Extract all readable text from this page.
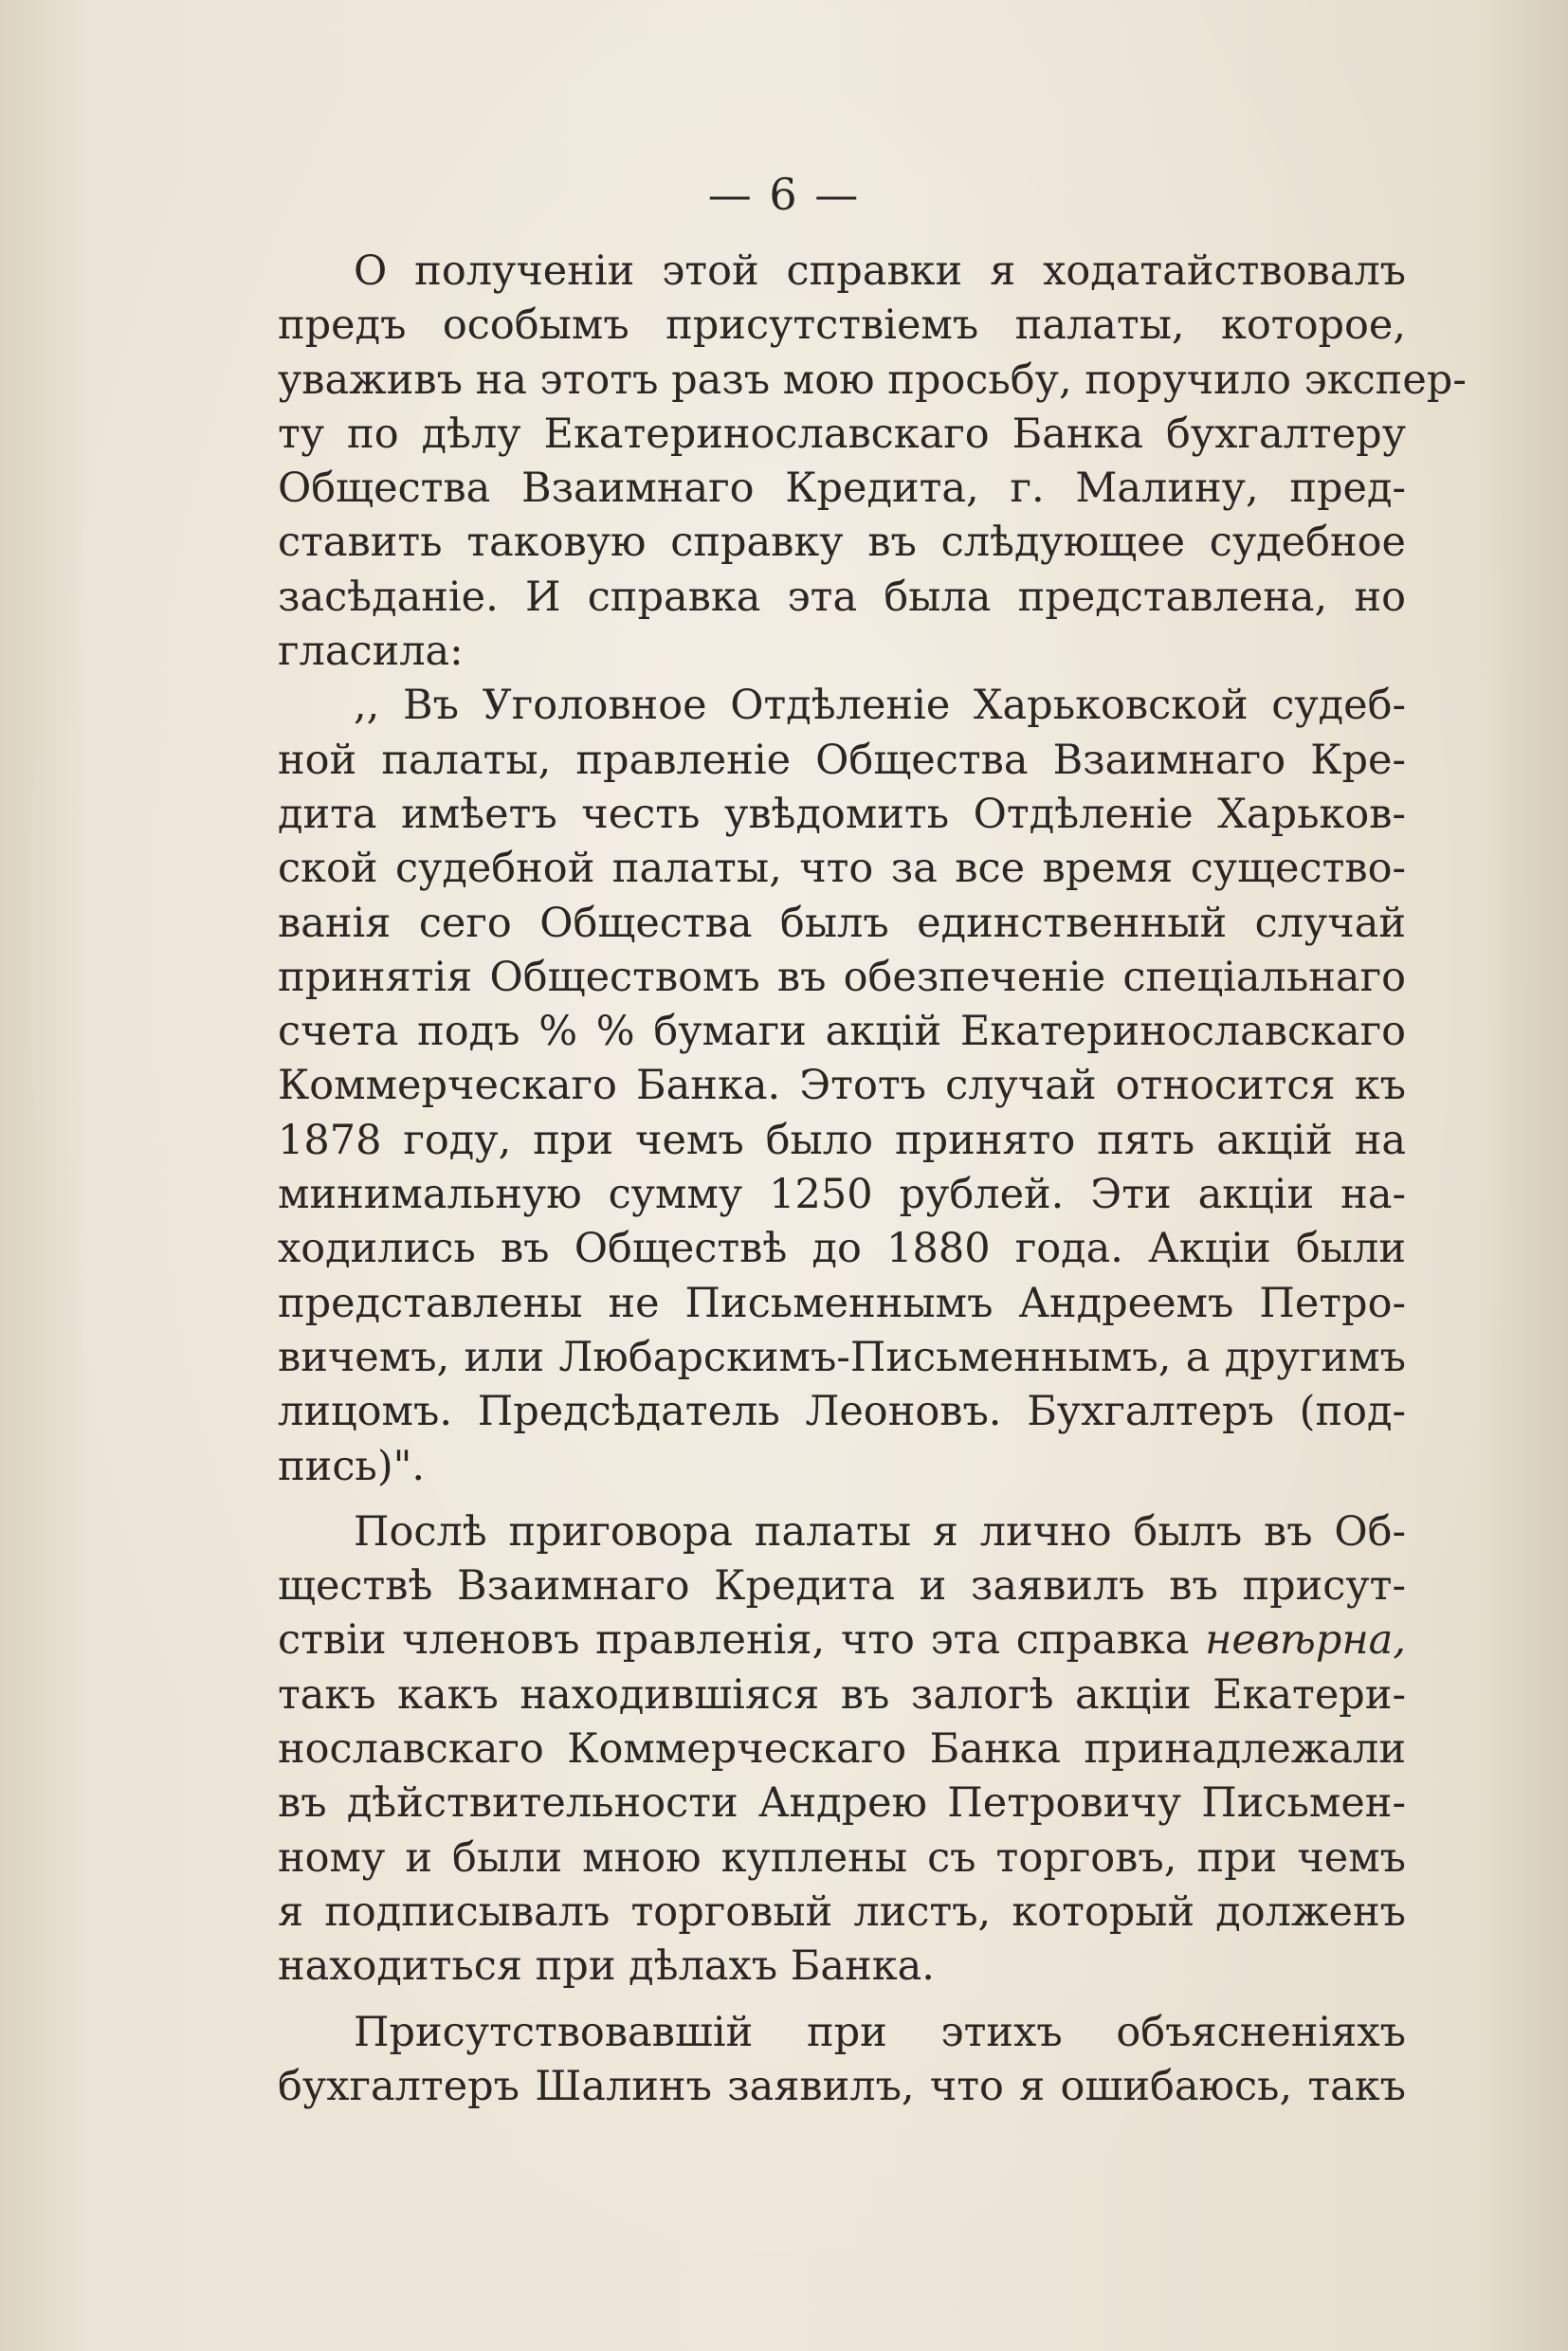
— 6 —
О полученіи этой справки я ходатайствовалъ
предъ особымъ присутствіемъ палаты, которое,
уваживъ на этотъ разъ мою просьбу, поручило экспер-
ту по дѣлу Екатеринославскаго Банка бухгалтеру
Общества Взаимнаго Кредита, г. Малину, пред-
ставить таковую справку въ слѣдующее судебное
засѣданіе. И справка эта была представлена, но
гласила:
,, Въ Уголовное Отдѣленіе Харьковской судеб-
ной палаты, правленіе Общества Взаимнаго Кре-
дита имѣетъ честь увѣдомить Отдѣленіе Харьков-
ской судебной палаты, что за все время существо-
ванія сего Общества былъ единственный случай
принятія Обществомъ въ обезпеченіе спеціальнаго
счета подъ % % бумаги акцій Екатеринославскаго
Коммерческаго Банка. Этотъ случай относится къ
1878 году, при чемъ было принято пять акцій на
минимальную сумму 1250 рублей. Эти акціи на-
ходились въ Обществѣ до 1880 года. Акціи были
представлены не Письменнымъ Андреемъ Петро-
вичемъ, или Любарскимъ-Письменнымъ, а другимъ
лицомъ. Предсѣдатель Леоновъ. Бухгалтеръ (под-
пись)".
Послѣ приговора палаты я лично былъ въ Об-
ществѣ Взаимнаго Кредита и заявилъ въ присут-
ствіи членовъ правленія, что эта справка невѣрна,
такъ какъ находившіяся въ залогѣ акціи Екатери-
нославскаго Коммерческаго Банка принадлежали
въ дѣйствительности Андрею Петровичу Письмен-
ному и были мною куплены съ торговъ, при чемъ
я подписывалъ торговый листъ, который долженъ
находиться при дѣлахъ Банка.
Присутствовавшій при этихъ объясненіяхъ
бухгалтеръ Шалинъ заявилъ, что я ошибаюсь, такъ
